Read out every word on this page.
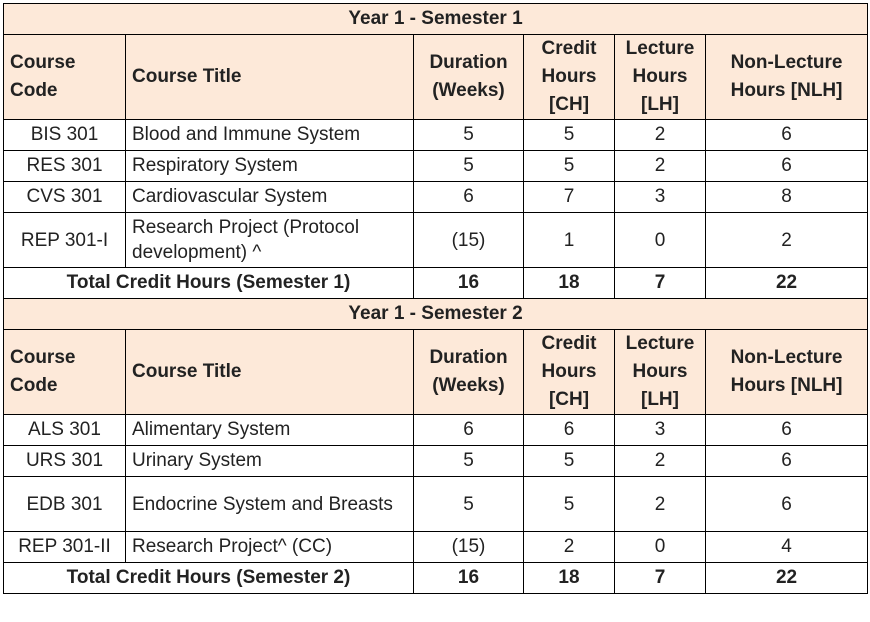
Year 1 - Semester 1					
Course Code	Course Title	Duration (Weeks)	Credit Hours [CH]	Lecture Hours [LH]	Non-Lecture Hours [NLH]
BIS 301	Blood and Immune System	5	5	2	6
RES 301	Respiratory System	5	5	2	6
CVS 301	Cardiovascular System	6	7	3	8
REP 301-I	Research Project (Protocol development) ^	(15)	1	0	2
Total Credit Hours (Semester 1)		16	18	7	22
Year 1 - Semester 2					
Course Code	Course Title	Duration (Weeks)	Credit Hours [CH]	Lecture Hours [LH]	Non-Lecture Hours [NLH]
ALS 301	Alimentary System	6	6	3	6
URS 301	Urinary System	5	5	2	6
EDB 301	Endocrine System and Breasts	5	5	2	6
REP 301-II	Research Project^ (CC)	(15)	2	0	4
Total Credit Hours (Semester 2)		16	18	7	22
